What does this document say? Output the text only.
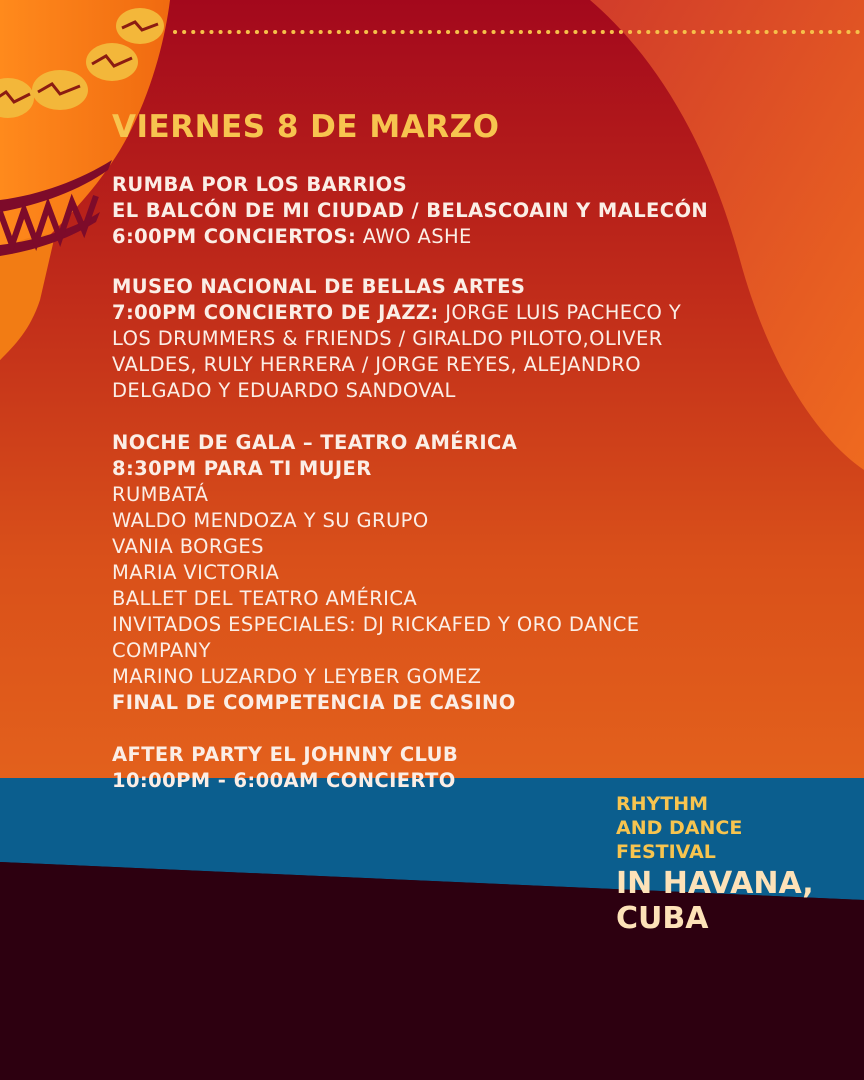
VIERNES 8 DE MARZO
RUMBA POR LOS BARRIOS
EL BALCÓN DE MI CIUDAD / BELASCOAIN Y MALECÓN
6:00PM CONCIERTOS: AWO ASHE
MUSEO NACIONAL DE BELLAS ARTES
7:00PM CONCIERTO DE JAZZ: JORGE LUIS PACHECO Y
LOS DRUMMERS & FRIENDS / GIRALDO PILOTO,OLIVER
VALDES, RULY HERRERA / JORGE REYES, ALEJANDRO
DELGADO Y EDUARDO SANDOVAL
NOCHE DE GALA – TEATRO AMÉRICA
8:30PM PARA TI MUJER
RUMBATÁ
WALDO MENDOZA Y SU GRUPO
VANIA BORGES
MARIA VICTORIA
BALLET DEL TEATRO AMÉRICA
INVITADOS ESPECIALES: DJ RICKAFED Y ORO DANCE
COMPANY
MARINO LUZARDO Y LEYBER GOMEZ
FINAL DE COMPETENCIA DE CASINO
AFTER PARTY EL JOHNNY CLUB
10:00PM - 6:00AM CONCIERTO
RHYTHM
AND DANCE
FESTIVAL
IN HAVANA,
CUBA
